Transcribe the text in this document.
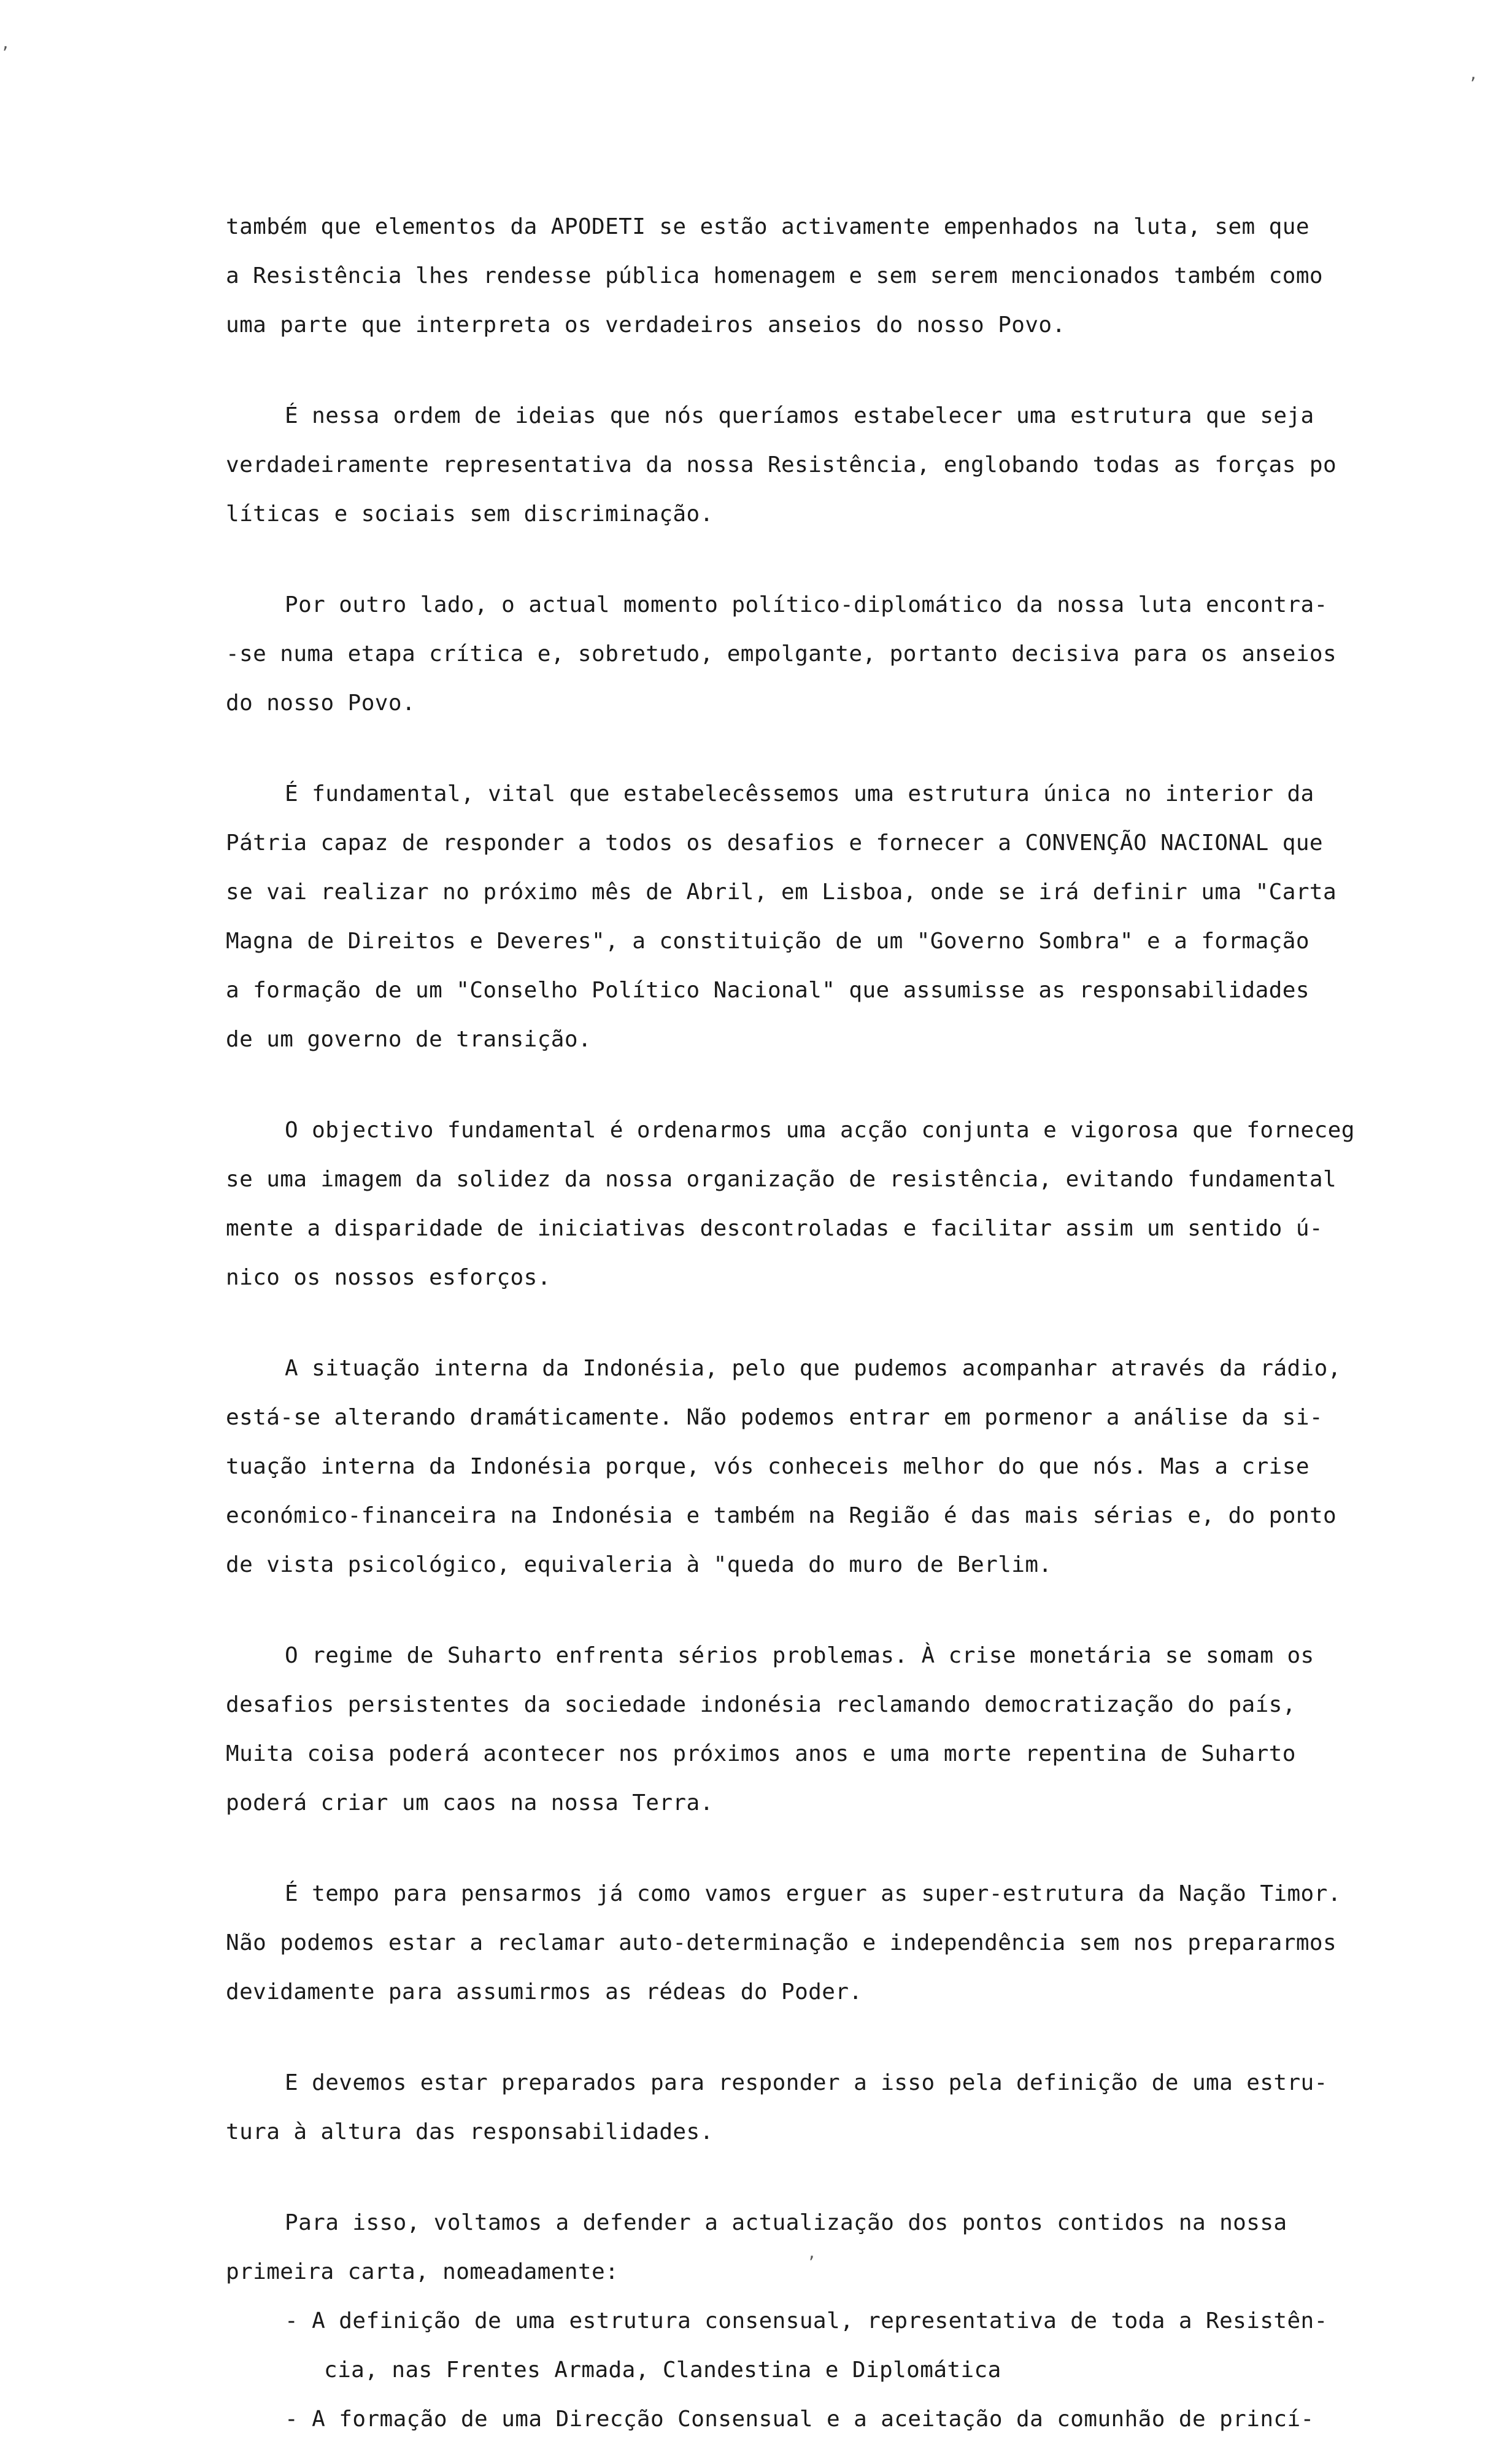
,
,
,
também que elementos da APODETI se estão activamente empenhados na luta, sem que
a Resistência lhes rendesse pública homenagem e sem serem mencionados também como
uma parte que interpreta os verdadeiros anseios do nosso Povo.
É nessa ordem de ideias que nós queríamos estabelecer uma estrutura que seja
verdadeiramente representativa da nossa Resistência, englobando todas as forças po
líticas e sociais sem discriminação.
Por outro lado, o actual momento político-diplomático da nossa luta encontra-
-se numa etapa crítica e, sobretudo, empolgante, portanto decisiva para os anseios
do nosso Povo.
É fundamental, vital que estabelecêssemos uma estrutura única no interior da
Pátria capaz de responder a todos os desafios e fornecer a CONVENÇÃO NACIONAL que
se vai realizar no próximo mês de Abril, em Lisboa, onde se irá definir uma "Carta
Magna de Direitos e Deveres", a constituição de um "Governo Sombra" e a formação
a formação de um "Conselho Político Nacional" que assumisse as responsabilidades
de um governo de transição.
O objectivo fundamental é ordenarmos uma acção conjunta e vigorosa que forneceg
se uma imagem da solidez da nossa organização de resistência, evitando fundamental
mente a disparidade de iniciativas descontroladas e facilitar assim um sentido ú-
nico os nossos esforços.
A situação interna da Indonésia, pelo que pudemos acompanhar através da rádio,
está-se alterando dramáticamente. Não podemos entrar em pormenor a análise da si-
tuação interna da Indonésia porque, vós conheceis melhor do que nós. Mas a crise
económico-financeira na Indonésia e também na Região é das mais sérias e, do ponto
de vista psicológico, equivaleria à "queda do muro de Berlim.
O regime de Suharto enfrenta sérios problemas. À crise monetária se somam os
desafios persistentes da sociedade indonésia reclamando democratização do país,
Muita coisa poderá acontecer nos próximos anos e uma morte repentina de Suharto
poderá criar um caos na nossa Terra.
É tempo para pensarmos já como vamos erguer as super-estrutura da Nação Timor.
Não podemos estar a reclamar auto-determinação e independência sem nos prepararmos
devidamente para assumirmos as rédeas do Poder.
E devemos estar preparados para responder a isso pela definição de uma estru-
tura à altura das responsabilidades.
Para isso, voltamos a defender a actualização dos pontos contidos na nossa
primeira carta, nomeadamente:
- A definição de uma estrutura consensual, representativa de toda a Resistên-
cia, nas Frentes Armada, Clandestina e Diplomática
- A formação de uma Direcção Consensual e a aceitação da comunhão de princí-
